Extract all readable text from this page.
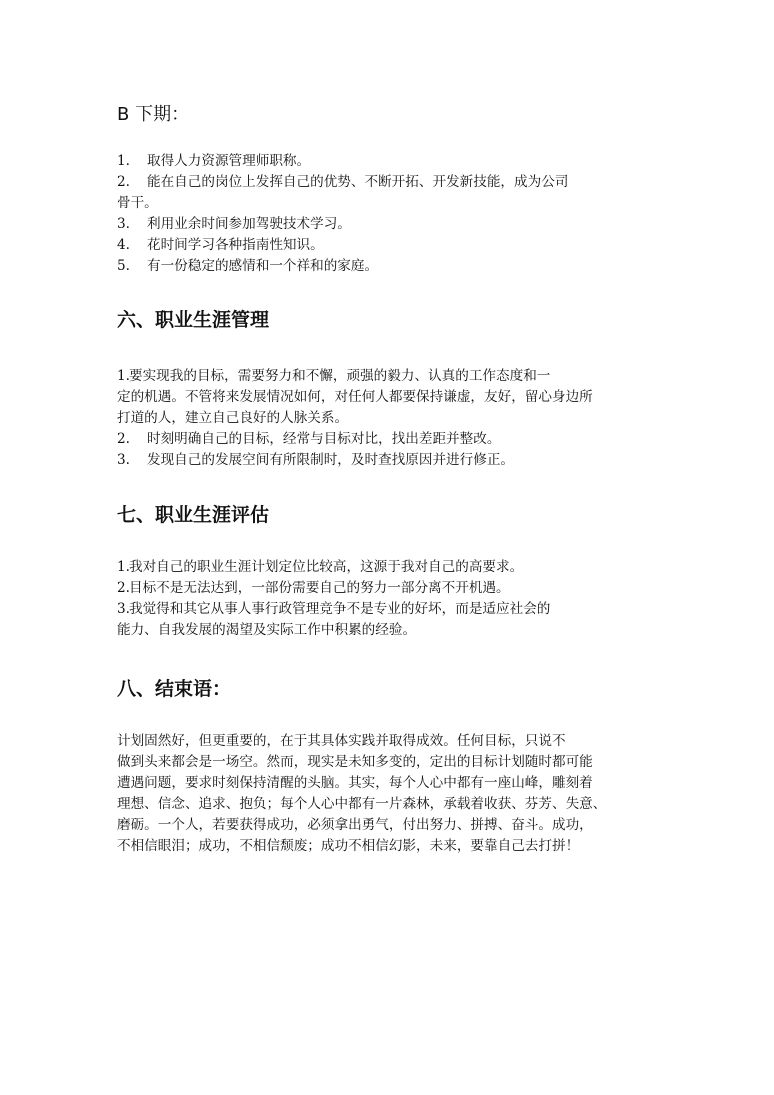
B 下期：
1. 取得人力资源管理师职称。
2. 能在自己的岗位上发挥自己的优势、不断开拓、开发新技能，成为公司
骨干。
3. 利用业余时间参加驾驶技术学习。
4. 花时间学习各种指南性知识。
5. 有一份稳定的感情和一个祥和的家庭。
六、职业生涯管理
1.要实现我的目标，需要努力和不懈，顽强的毅力、认真的工作态度和一
定的机遇。不管将来发展情况如何，对任何人都要保持谦虚，友好，留心身边所
打道的人，建立自己良好的人脉关系。
2. 时刻明确自己的目标，经常与目标对比，找出差距并整改。
3. 发现自己的发展空间有所限制时，及时查找原因并进行修正。
七、职业生涯评估
1.我对自己的职业生涯计划定位比较高，这源于我对自己的高要求。
2.目标不是无法达到，一部份需要自己的努力一部分离不开机遇。
3.我觉得和其它从事人事行政管理竞争不是专业的好坏，而是适应社会的
能力、自我发展的渴望及实际工作中积累的经验。
八、结束语：
计划固然好，但更重要的，在于其具体实践并取得成效。任何目标，只说不
做到头来都会是一场空。然而，现实是未知多变的，定出的目标计划随时都可能
遭遇问题，要求时刻保持清醒的头脑。其实，每个人心中都有一座山峰，雕刻着
理想、信念、追求、抱负；每个人心中都有一片森林，承载着收获、芬芳、失意、
磨砺。一个人，若要获得成功，必须拿出勇气，付出努力、拼搏、奋斗。成功，
不相信眼泪；成功，不相信颓废；成功不相信幻影，未来，要靠自己去打拼！
